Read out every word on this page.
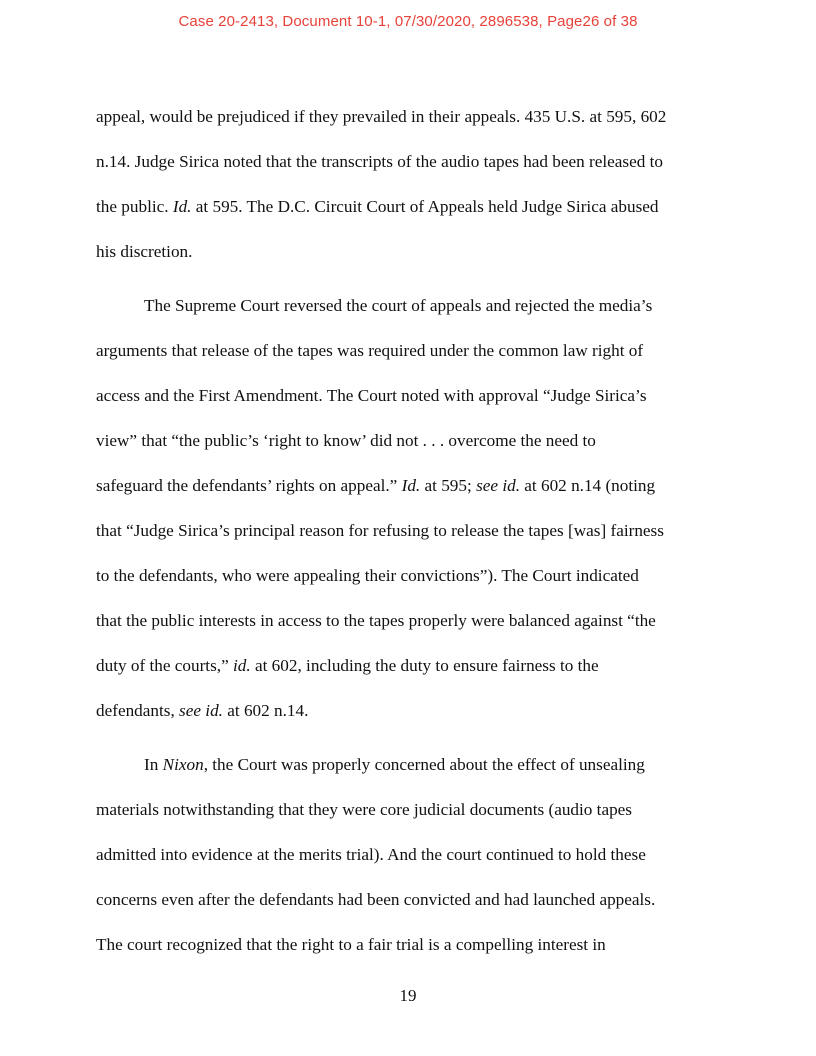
Case 20-2413, Document 10-1, 07/30/2020, 2896538, Page26 of 38
appeal, would be prejudiced if they prevailed in their appeals. 435 U.S. at 595, 602
n.14. Judge Sirica noted that the transcripts of the audio tapes had been released to
the public. Id. at 595. The D.C. Circuit Court of Appeals held Judge Sirica abused
his discretion.
The Supreme Court reversed the court of appeals and rejected the media’s
arguments that release of the tapes was required under the common law right of
access and the First Amendment. The Court noted with approval “Judge Sirica’s
view” that “the public’s ‘right to know’ did not . . . overcome the need to
safeguard the defendants’ rights on appeal.” Id. at 595; see id. at 602 n.14 (noting
that “Judge Sirica’s principal reason for refusing to release the tapes [was] fairness
to the defendants, who were appealing their convictions”). The Court indicated
that the public interests in access to the tapes properly were balanced against “the
duty of the courts,” id. at 602, including the duty to ensure fairness to the
defendants, see id. at 602 n.14.
In Nixon, the Court was properly concerned about the effect of unsealing
materials notwithstanding that they were core judicial documents (audio tapes
admitted into evidence at the merits trial). And the court continued to hold these
concerns even after the defendants had been convicted and had launched appeals.
The court recognized that the right to a fair trial is a compelling interest in
19
